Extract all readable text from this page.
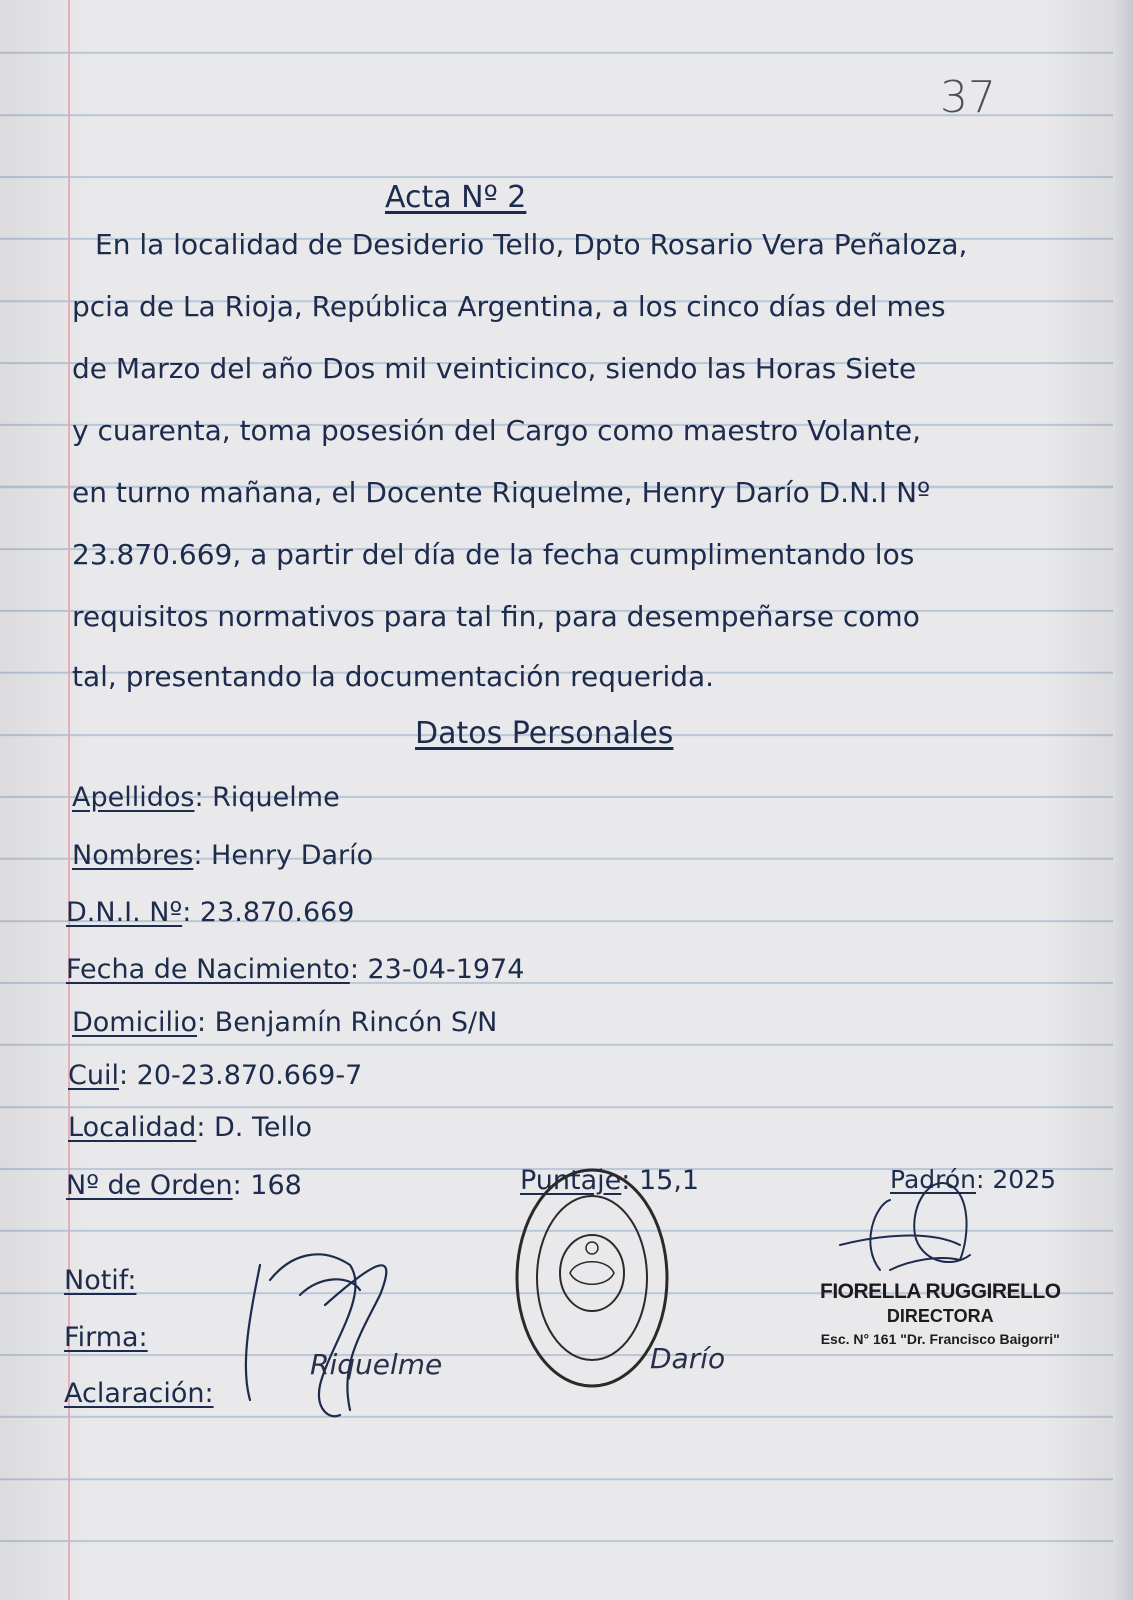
37
Acta Nº 2
En la localidad de Desiderio Tello, Dpto Rosario Vera Peñaloza,
pcia de La Rioja, República Argentina, a los cinco días del mes
de Marzo del año Dos mil veinticinco, siendo las Horas Siete
y cuarenta, toma posesión del Cargo como maestro Volante,
en turno mañana, el Docente Riquelme, Henry Darío D.N.I Nº
23.870.669, a partir del día de la fecha cumplimentando los
requisitos normativos para tal fin, para desempeñarse como
tal, presentando la documentación requerida.
Datos Personales
Apellidos: Riquelme
Nombres: Henry Darío
D.N.I. Nº: 23.870.669
Fecha de Nacimiento: 23-04-1974
Domicilio: Benjamín Rincón S/N
Cuil: 20-23.870.669-7
Localidad: D. Tello
Nº de Orden: 168	Puntaje: 15,1	Padrón: 2025
Notif:
Firma:
Aclaración:
Riquelme	Darío
FIORELLA RUGGIRELLO
DIRECTORA
Esc. N° 161 "Dr. Francisco Baigorri"
